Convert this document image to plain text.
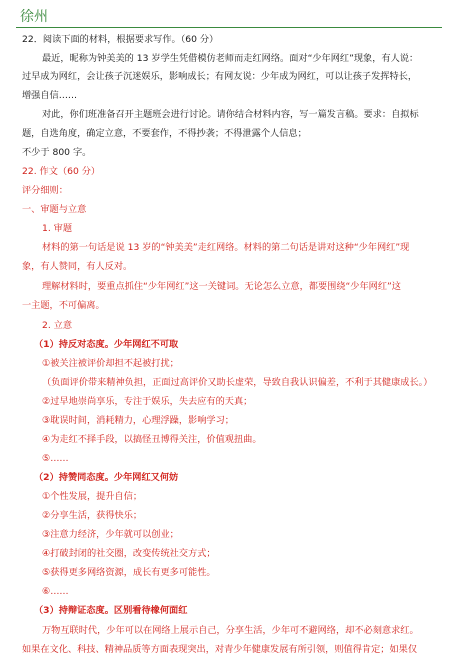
徐州
22．阅读下面的材料，根据要求写作。（60 分）
最近，昵称为钟美美的 13 岁学生凭借模仿老师而走红网络。面对“少年网红”现象，有人说：
过早成为网红，会让孩子沉迷娱乐，影响成长；有网友说：少年成为网红，可以让孩子发挥特长，
增强自信……
对此，你们班准备召开主题班会进行讨论。请你结合材料内容，写一篇发言稿。要求：自拟标
题，自选角度，确定立意，不要套作，不得抄袭；不得泄露个人信息；
不少于 800 字。
22. 作文（60 分）
评分细则：
一、审题与立意
1. 审题
材料的第一句话是说 13 岁的“钟美美”走红网络。材料的第二句话是讲对这种“少年网红”现
象，有人赞同，有人反对。
理解材料时，要重点抓住“少年网红”这一关键词。无论怎么立意，都要围绕“少年网红”这
一主题，不可偏离。
2. 立意
（1）持反对态度。少年网红不可取
①被关注被评价却担不起被打扰；
（负面评价带来精神负担，正面过高评价又助长虚荣，导致自我认识偏差，不利于其健康成长。）
②过早地崇尚享乐，专注于娱乐，失去应有的天真；
③耽误时间，消耗精力，心理浮躁，影响学习；
④为走红不择手段，以搞怪丑博得关注，价值观扭曲。
⑤……
（2）持赞同态度。少年网红又何妨
①个性发展，提升自信；
②分享生活，获得快乐；
③注意力经济，少年就可以创业；
④打破封闭的社交圈，改变传统社交方式；
⑤获得更多网络资源，成长有更多可能性。
⑥……
（3）持辩证态度。区别看待橡何面红
万物互联时代，少年可以在网络上展示自己，分享生活，少年可不避网络，却不必刻意求红。
如果在文化、科技、精神品质等方面表现突出，对青少年健康发展有所引领，则值得肯定；如果仅
